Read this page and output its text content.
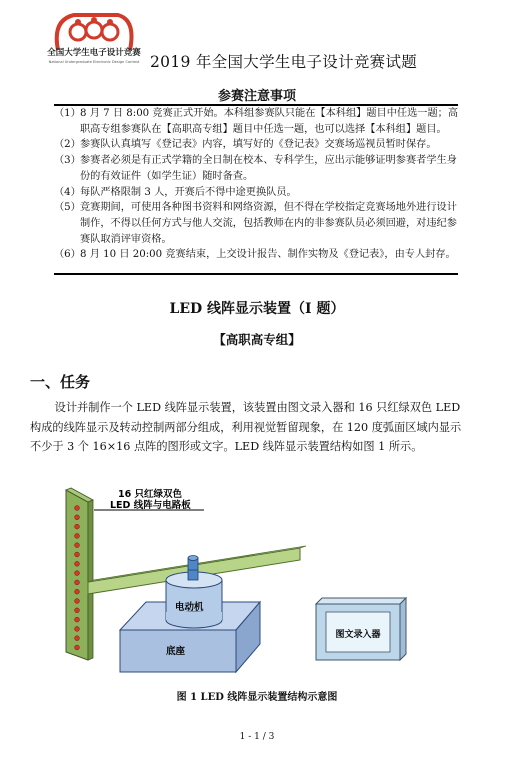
全国大学生电子设计竞赛
National Undergraduate Electronic Design Contest 2019 年全国大学生电子设计竞赛试题
参赛注意事项
（1） 8 月 7 日 8:00 竞赛正式开始。本科组参赛队只能在【本科组】题目中任选一题；高职高专组参赛队在【高职高专组】题目中任选一题，也可以选择【本科组】题目。
（2） 参赛队认真填写《登记表》内容，填写好的《登记表》交赛场巡视员暂时保存。
（3） 参赛者必须是有正式学籍的全日制在校本、专科学生，应出示能够证明参赛者学生身份的有效证件（如学生证）随时备查。
（4） 每队严格限制 3 人，开赛后不得中途更换队员。
（5） 竞赛期间，可使用各种图书资料和网络资源，但不得在学校指定竞赛场地外进行设计制作，不得以任何方式与他人交流，包括教师在内的非参赛队员必须回避，对违纪参赛队取消评审资格。
（6） 8 月 10 日 20:00 竞赛结束，上交设计报告、制作实物及《登记表》，由专人封存。
LED 线阵显示装置（I 题）
【高职高专组】
一、任务
设计并制作一个 LED 线阵显示装置，该装置由图文录入器和 16 只红绿双色 LED 构成的线阵显示及转动控制两部分组成，利用视觉暂留现象，在 120 度弧面区域内显示不少于 3 个 16×16 点阵的图形或文字。LED 线阵显示装置结构如图 1 所示。
16 只红绿双色
LED 线阵与电路板
底座
电动机
图文录入器
图 1 LED 线阵显示装置结构示意图
1 - 1 / 3
